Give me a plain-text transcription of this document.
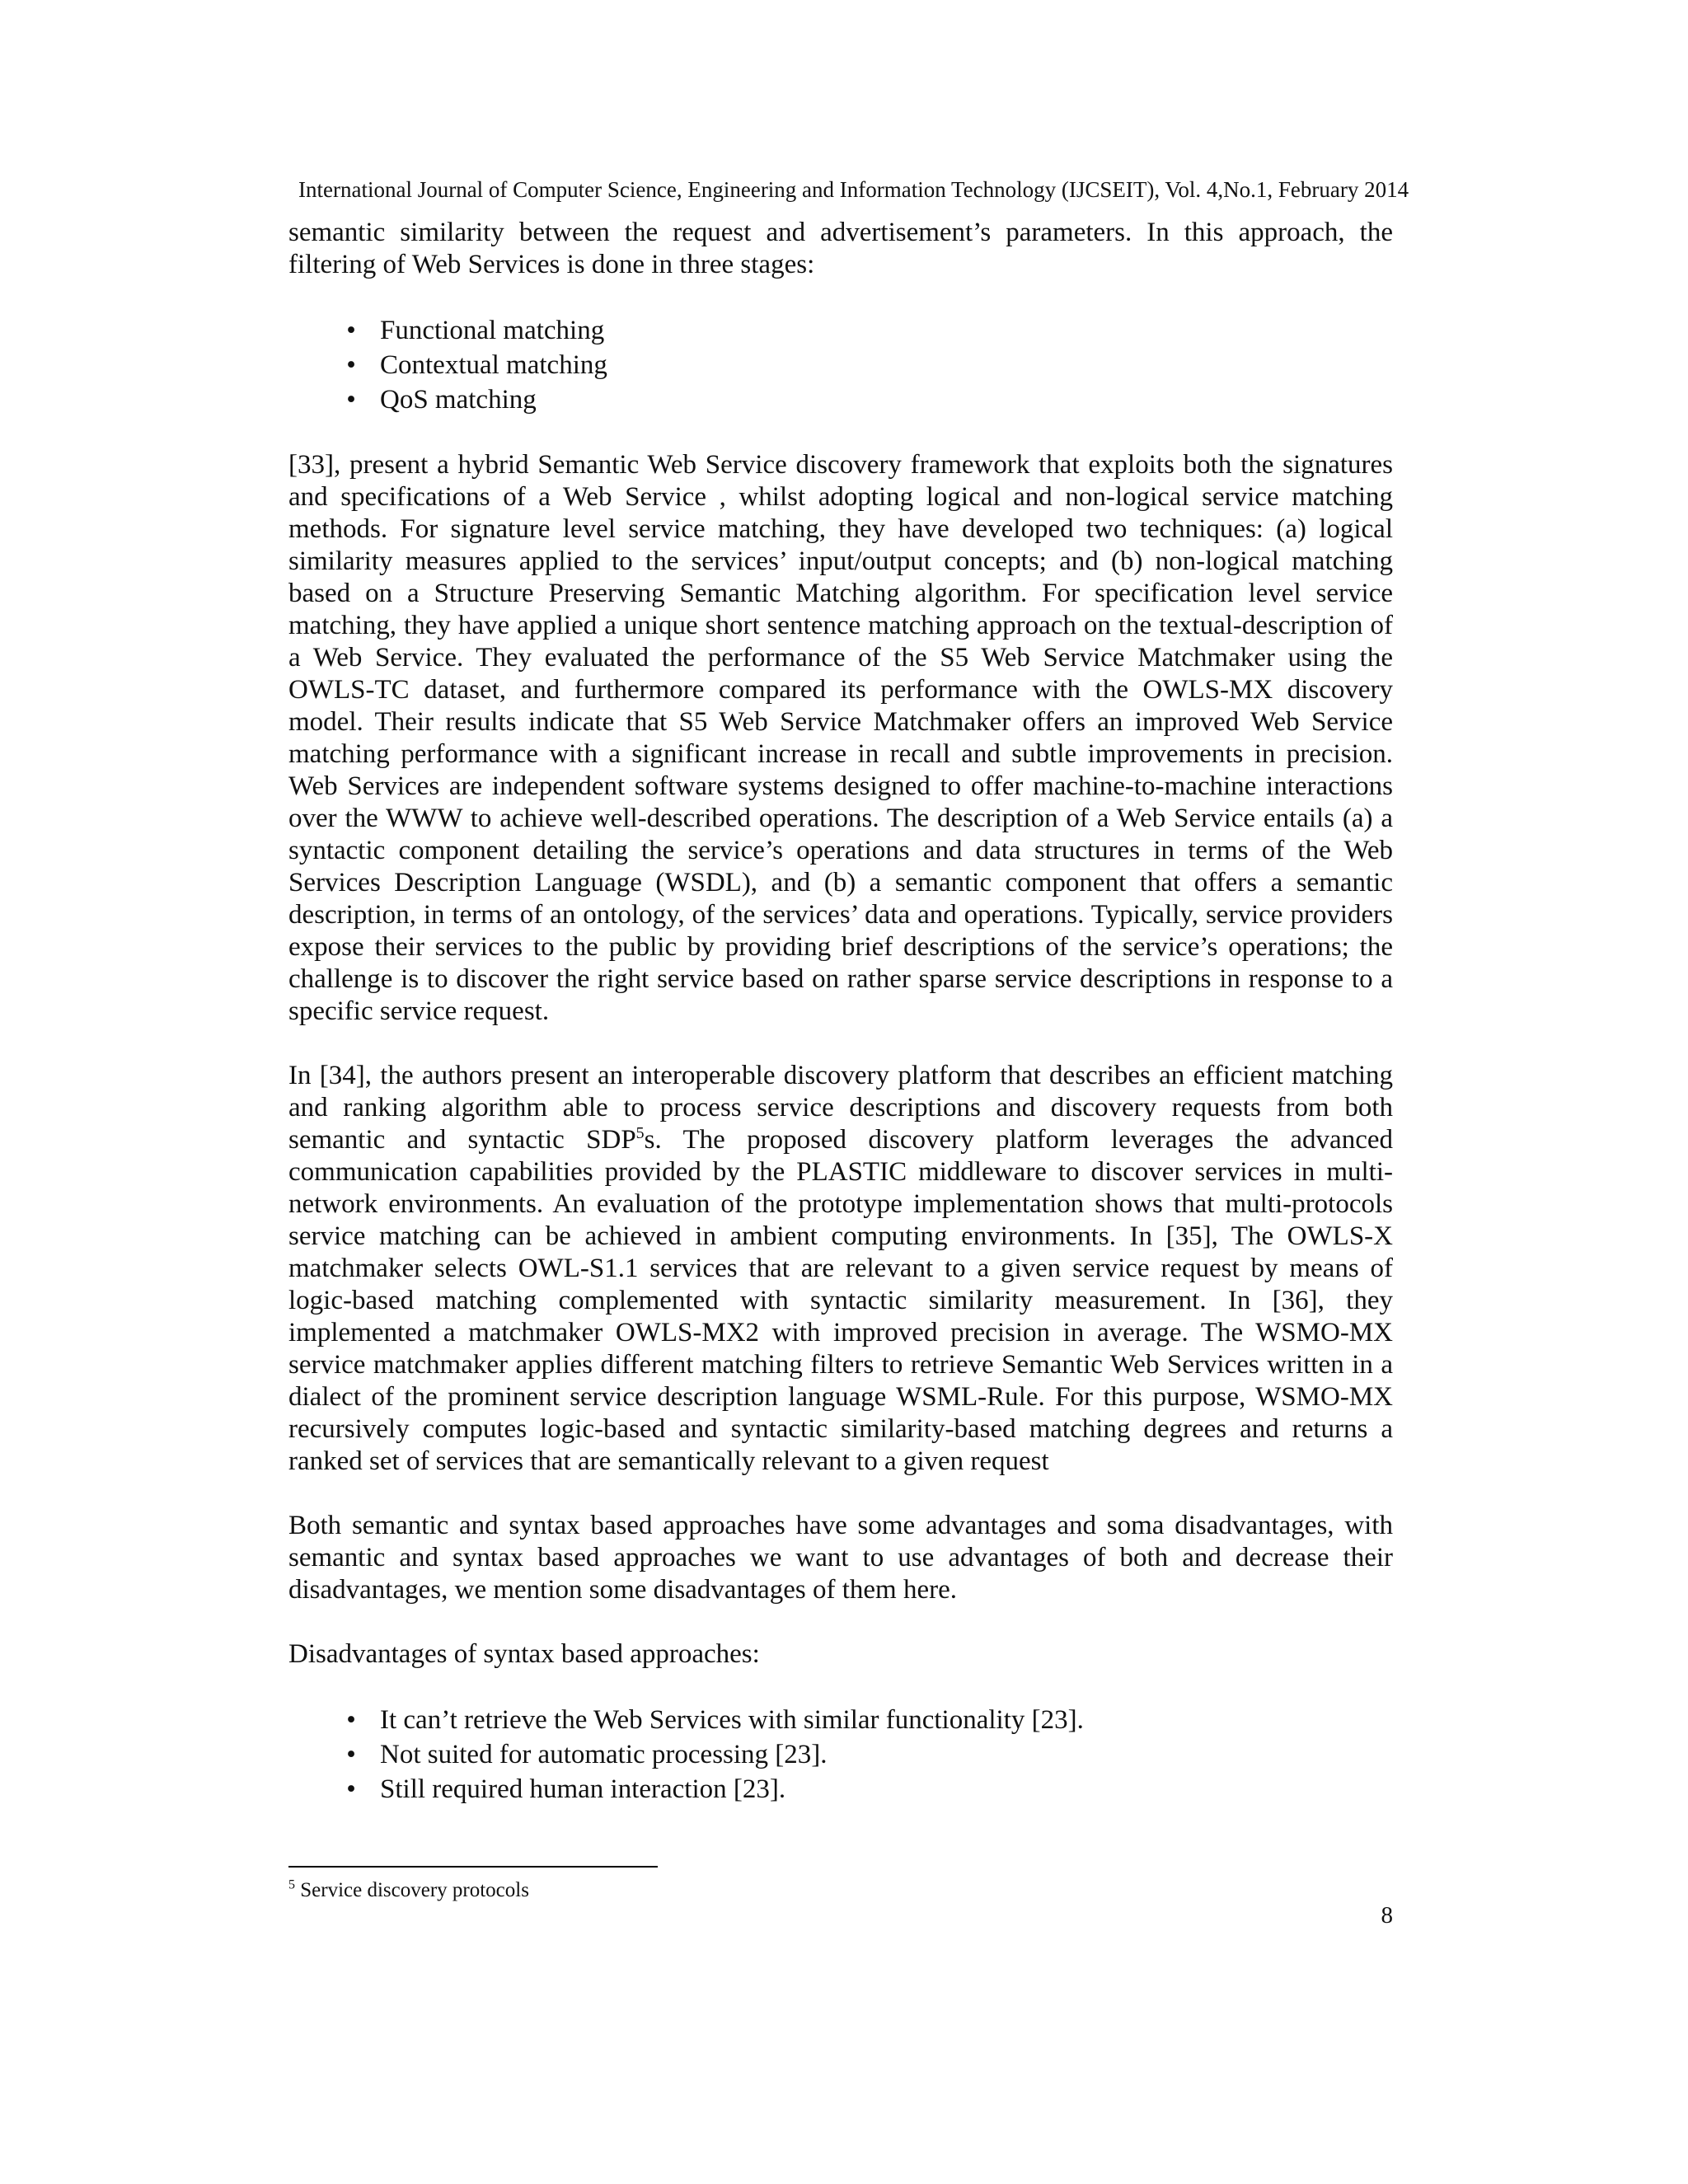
International Journal of Computer Science, Engineering and Information Technology (IJCSEIT), Vol. 4,No.1, February 2014

semantic similarity between the request and advertisement’s parameters. In this approach, the filtering of Web Services is done in three stages:

• Functional matching
• Contextual matching
• QoS matching

[33], present a hybrid Semantic Web Service discovery framework that exploits both the signatures and specifications of a Web Service , whilst adopting logical and non-logical service matching methods. For signature level service matching, they have developed two techniques: (a) logical similarity measures applied to the services’ input/output concepts; and (b) non-logical matching based on a Structure Preserving Semantic Matching algorithm. For specification level service matching, they have applied a unique short sentence matching approach on the textual-description of a Web Service. They evaluated the performance of the S5 Web Service Matchmaker using the OWLS-TC dataset, and furthermore compared its performance with the OWLS-MX discovery model. Their results indicate that S5 Web Service Matchmaker offers an improved Web Service matching performance with a significant increase in recall and subtle improvements in precision. Web Services are independent software systems designed to offer machine-to-machine interactions over the WWW to achieve well-described operations. The description of a Web Service entails (a) a syntactic component detailing the service’s operations and data structures in terms of the Web Services Description Language (WSDL), and (b) a semantic component that offers a semantic description, in terms of an ontology, of the services’ data and operations. Typically, service providers expose their services to the public by providing brief descriptions of the service’s operations; the challenge is to discover the right service based on rather sparse service descriptions in response to a specific service request.

In [34], the authors present an interoperable discovery platform that describes an efficient matching and ranking algorithm able to process service descriptions and discovery requests from both semantic and syntactic SDP$^5$s. The proposed discovery platform leverages the advanced communication capabilities provided by the PLASTIC middleware to discover services in multi-network environments. An evaluation of the prototype implementation shows that multi-protocols service matching can be achieved in ambient computing environments. In [35], The OWLS-X matchmaker selects OWL-S1.1 services that are relevant to a given service request by means of logic-based matching complemented with syntactic similarity measurement. In [36], they implemented a matchmaker OWLS-MX2 with improved precision in average. The WSMO-MX service matchmaker applies different matching filters to retrieve Semantic Web Services written in a dialect of the prominent service description language WSML-Rule. For this purpose, WSMO-MX recursively computes logic-based and syntactic similarity-based matching degrees and returns a ranked set of services that are semantically relevant to a given request

Both semantic and syntax based approaches have some advantages and soma disadvantages, with semantic and syntax based approaches we want to use advantages of both and decrease their disadvantages, we mention some disadvantages of them here.

Disadvantages of syntax based approaches:

• It can’t retrieve the Web Services with similar functionality [23].
• Not suited for automatic processing [23].
• Still required human interaction [23].
$^5$ Service discovery protocols
8
